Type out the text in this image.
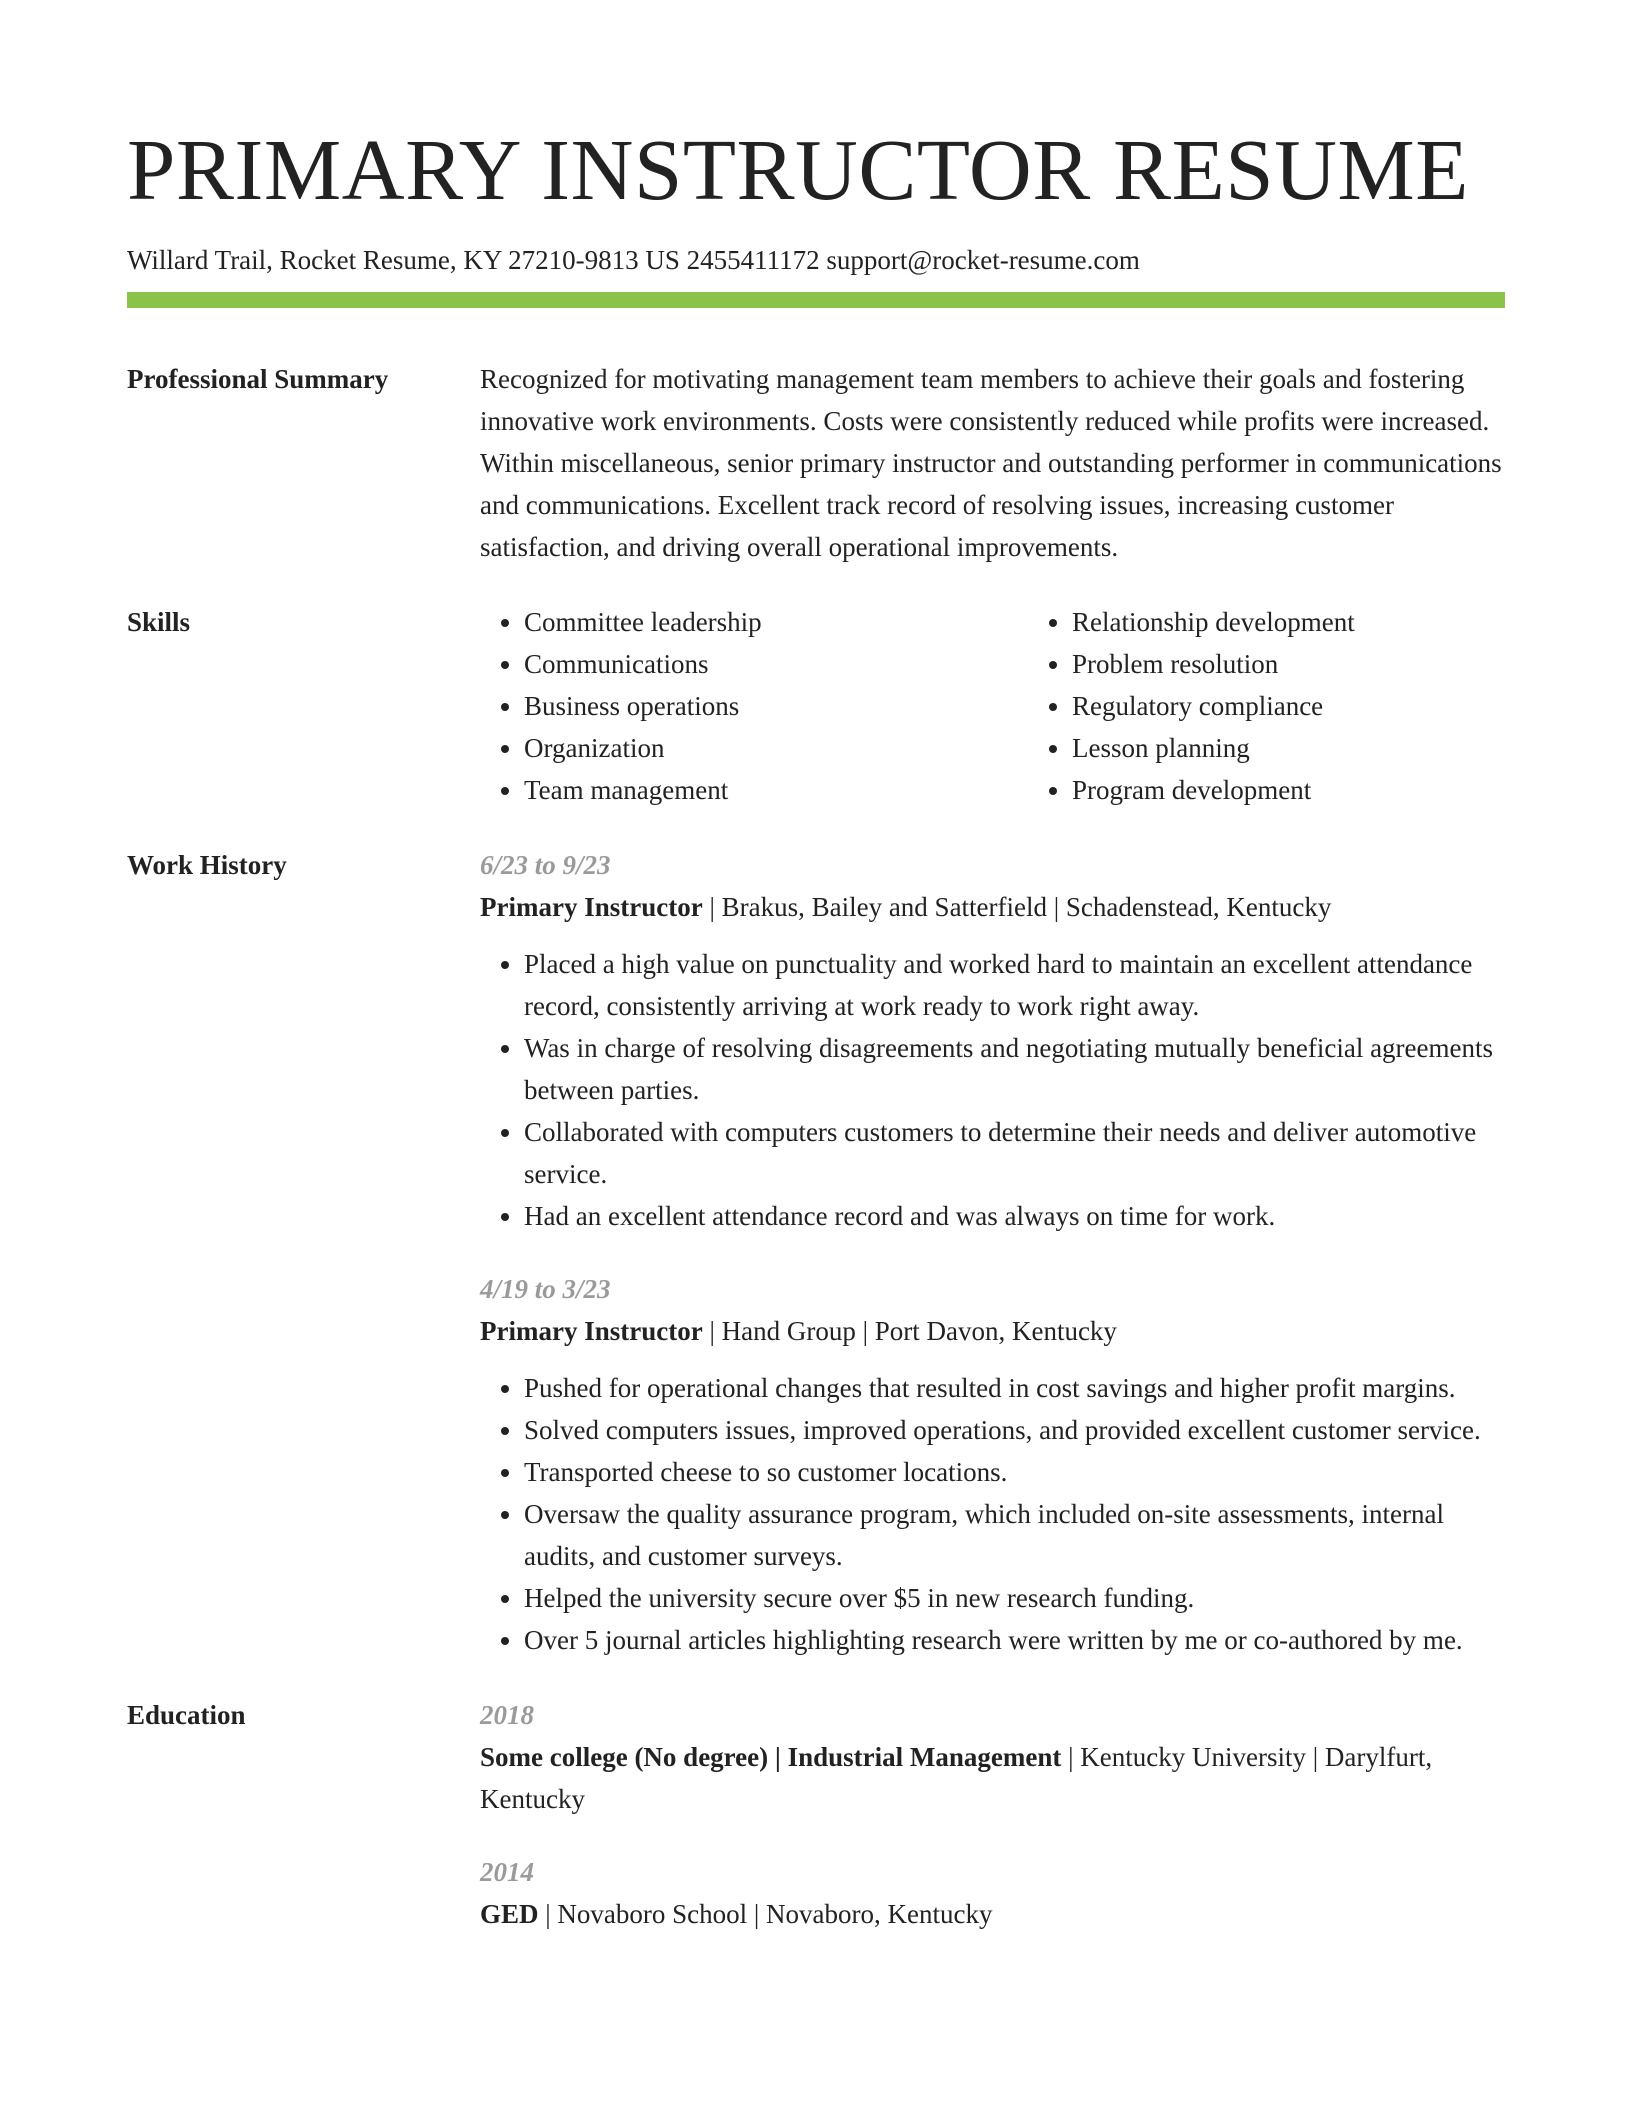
PRIMARY INSTRUCTOR RESUME
Willard Trail, Rocket Resume, KY 27210-9813 US 2455411172 support@rocket-resume.com
Professional Summary	Recognized for motivating management team members to achieve their goals and fostering innovative work environments. Costs were consistently reduced while profits were increased. Within miscellaneous, senior primary instructor and outstanding performer in communications and communications. Excellent track record of resolving issues, increasing customer satisfaction, and driving overall operational improvements.
Skills
•	Committee leadership
• Communications
• Business operations
• Organization
• Team management
• Relationship development
• Problem resolution
• Regulatory compliance
• Lesson planning
• Program development
Work History	6/23 to 9/23
Primary Instructor | Brakus, Bailey and Satterfield | Schadenstead, Kentucky
• Placed a high value on punctuality and worked hard to maintain an excellent attendance record, consistently arriving at work ready to work right away.
• Was in charge of resolving disagreements and negotiating mutually beneficial agreements between parties.
• Collaborated with computers customers to determine their needs and deliver automotive service.
• Had an excellent attendance record and was always on time for work.
4/19 to 3/23
Primary Instructor | Hand Group | Port Davon, Kentucky
• Pushed for operational changes that resulted in cost savings and higher profit margins.
• Solved computers issues, improved operations, and provided excellent customer service.
• Transported cheese to so customer locations.
• Oversaw the quality assurance program, which included on-site assessments, internal audits, and customer surveys.
• Helped the university secure over $5 in new research funding.
• Over 5 journal articles highlighting research were written by me or co-authored by me.
Education	2018
Some college (No degree) | Industrial Management | Kentucky University | Darylfurt, Kentucky
2014
GED | Novaboro School | Novaboro, Kentucky
